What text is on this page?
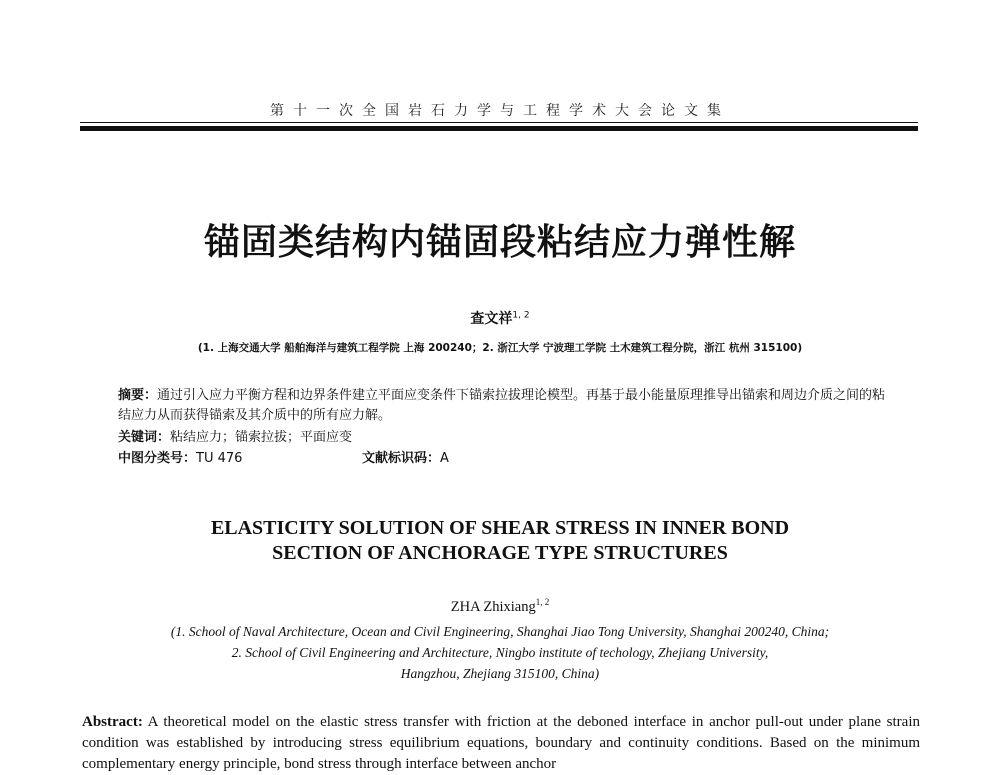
第十一次全国岩石力学与工程学术大会论文集
锚固类结构内锚固段粘结应力弹性解
查文祥$^{1, 2}$
(1. 上海交通大学 船舶海洋与建筑工程学院 上海 200240；2. 浙江大学 宁波理工学院 土木建筑工程分院，浙江 杭州 315100)
摘要：通过引入应力平衡方程和边界条件建立平面应变条件下锚索拉拔理论模型。再基于最小能量原理推导出锚索和周边介质之间的粘结应力从而获得锚索及其介质中的所有应力解。
关键词：粘结应力；锚索拉拔；平面应变
中图分类号：TU 476	文献标识码：A
ELASTICITY SOLUTION OF SHEAR STRESS IN INNER BOND
SECTION OF ANCHORAGE TYPE STRUCTURES
ZHA Zhixiang$^{1, 2}$
(1. School of Naval Architecture, Ocean and Civil Engineering, Shanghai Jiao Tong University, Shanghai 200240, China;
2. School of Civil Engineering and Architecture, Ningbo institute of techology, Zhejiang University,
Hangzhou, Zhejiang 315100, China)
Abstract: A theoretical model on the elastic stress transfer with friction at the deboned interface in anchor pull-out under plane strain condition was established by introducing stress equilibrium equations, boundary and continuity conditions. Based on the minimum complementary energy principle, bond stress through interface between anchor
